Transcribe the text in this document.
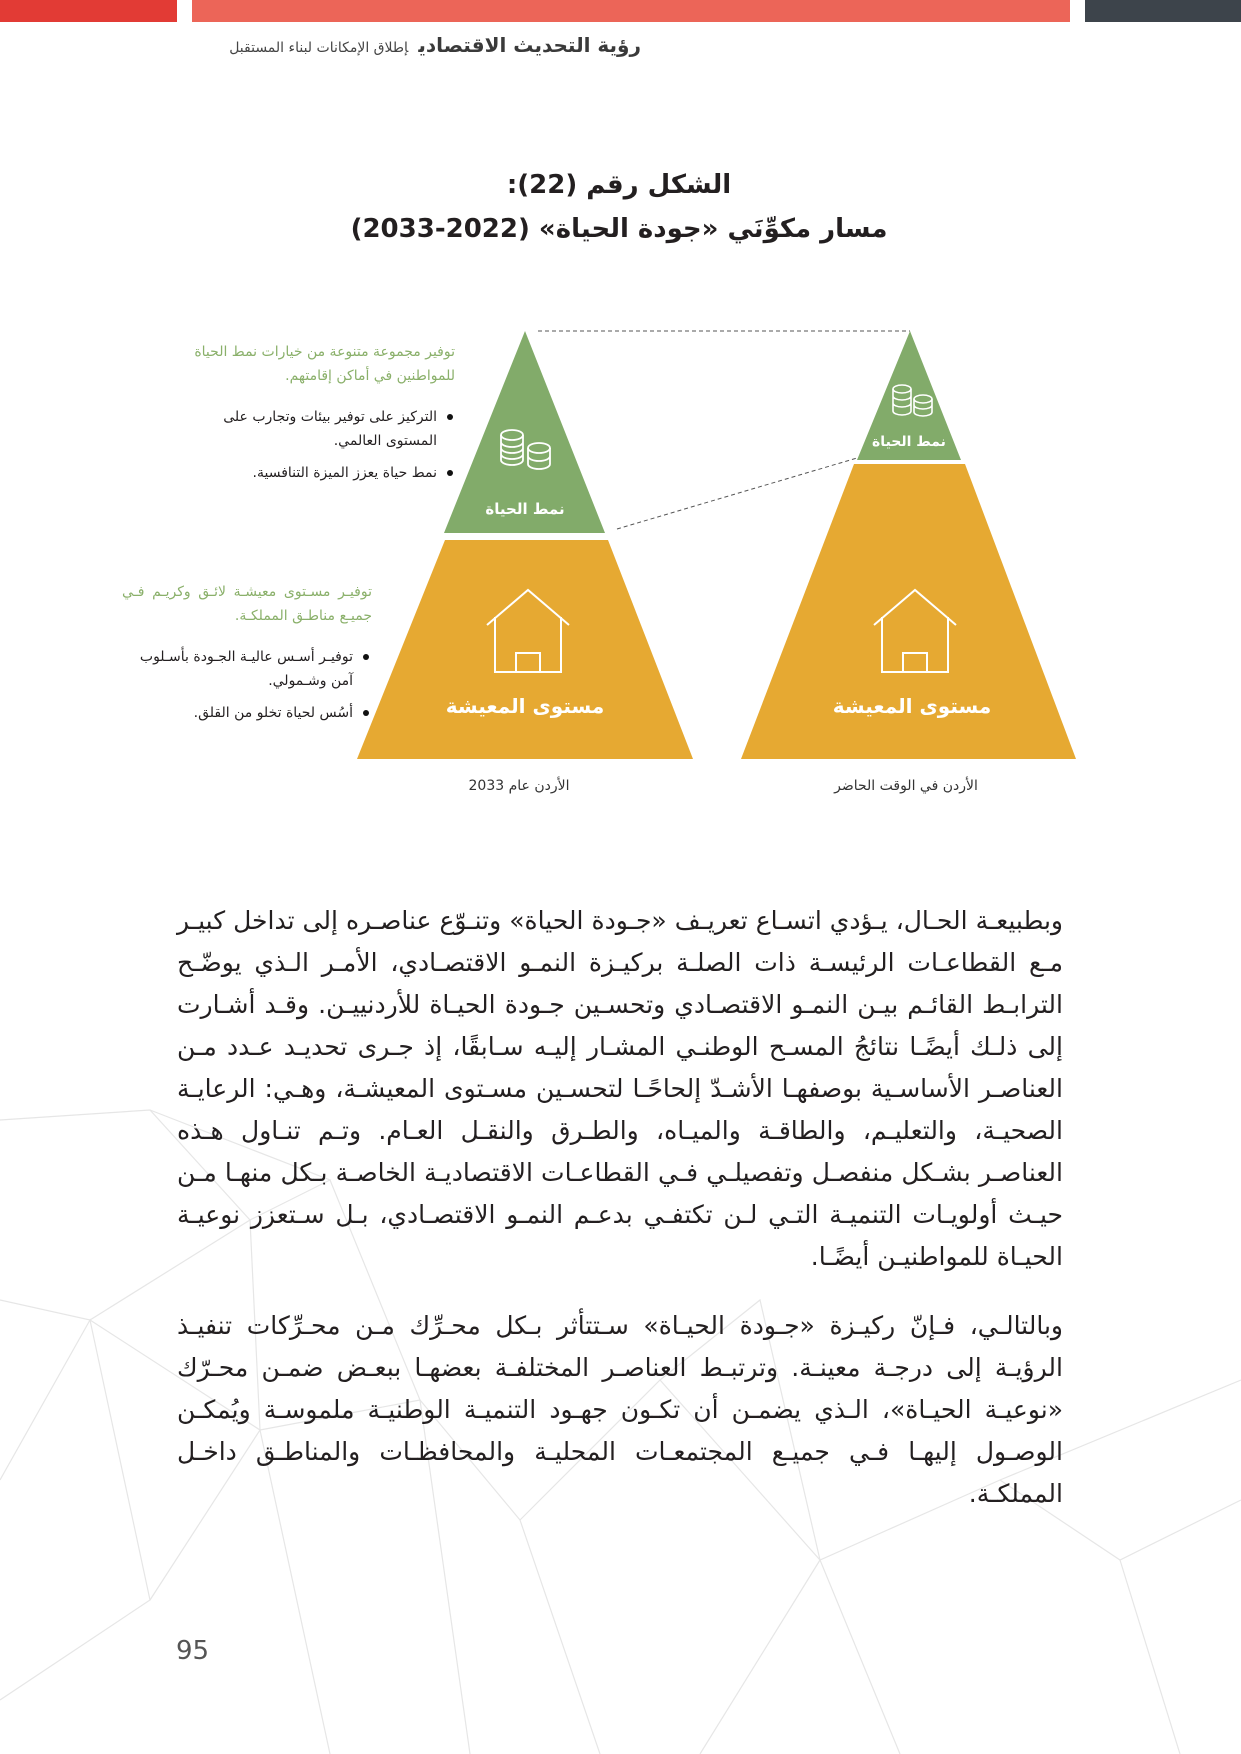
رؤية التحديث الاقتصاديإطلاق الإمكانات لبناء المستقبل
الشكل رقم (22):
مسار مكوِّنَي «جودة الحياة» (2022-2033)
نمط الحياة
مستوى المعيشة
نمط الحياة
مستوى المعيشة
الأردن عام 2033	الأردن في الوقت الحاضر
توفير مجموعة متنوعة من خيارات نمط الحياة للمواطنين في أماكن إقامتهم.
التركيز على توفير بيئات وتجارب على المستوى العالمي.
نمط حياة يعزز الميزة التنافسية.
توفيـر مسـتوى معيشـة لائـق وكريـم فـي جميـع مناطـق المملكـة.
توفيـر أسـس عاليـة الجـودة بأسـلوب آمن وشـمولي.
أسُس لحياة تخلو من القلق.

وبطبيعـة الحـال، يـؤدي اتسـاع تعريـف «جـودة الحياة» وتنـوّع عناصـره إلى تداخل كبيـر مـع القطاعـات الرئيسـة ذات الصلـة بركيـزة النمـو الاقتصـادي، الأمـر الـذي يوضّـح الترابـط القائـم بيـن النمـو الاقتصـادي وتحسـين جـودة الحيـاة للأردنييـن. وقـد أشـارت إلى ذلـك أيضًـا نتائجُ المسـح الوطنـي المشـار إليـه سـابقًا، إذ جـرى تحديـد عـدد مـن العناصـر الأساسـية بوصفهـا الأشـدّ إلحاحًـا لتحسـين مسـتوى المعيشـة، وهـي: الرعايـة الصحيـة، والتعليـم، والطاقـة والميـاه، والطـرق والنقـل العـام. وتـم تنـاول هـذه العناصـر بشـكل منفصـل وتفصيلـي فـي القطاعـات الاقتصاديـة الخاصـة بـكل منهـا مـن حيـث أولويـات التنميـة التـي لـن تكتفـي بدعـم النمـو الاقتصـادي، بـل سـتعزز نوعيـة الحيـاة للمواطنيـن أيضًـا.

وبالتالـي، فـإنّ ركيـزة «جـودة الحيـاة» سـتتأثر بـكل محـرِّك مـن محـرِّكات تنفيـذ الرؤيـة إلى درجـة معينـة. وترتبـط العناصـر المختلفـة بعضهـا ببعـض ضمـن محـرّك «نوعيـة الحيـاة»، الـذي يضمـن أن تكـون جهـود التنميـة الوطنيـة ملموسـة ويُمكـن الوصـول إليهـا فـي جميـع المجتمعـات المحليـة والمحافظـات والمناطـق داخـل المملكـة.

95
